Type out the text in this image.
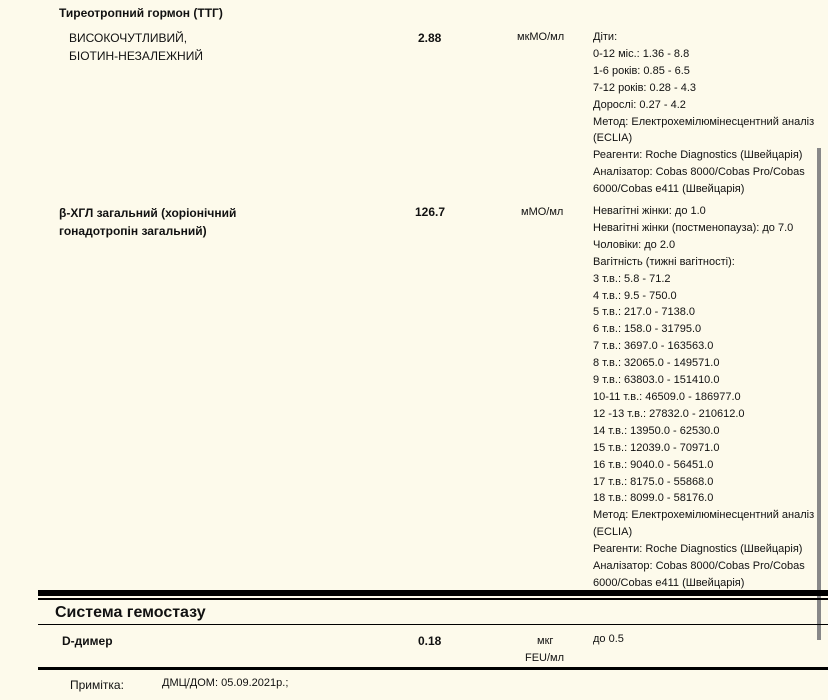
Тиреотропний гормон (ТТГ)
ВИСОКОЧУТЛИВИЙ,
БІОТИН-НЕЗАЛЕЖНИЙ
2.88	мкМО/мл	Діти:
0-12 міс.: 1.36 - 8.8
1-6 років: 0.85 - 6.5
7-12 років: 0.28 - 4.3
Дорослі: 0.27 - 4.2
Метод: Електрохемілюмінесцентний аналіз
(ECLIA)
Реагенти: Roche Diagnostics (Швейцарія)
Аналізатор: Cobas 8000/Cobas Pro/Cobas
6000/Cobas e411 (Швейцарія)
β-ХГЛ загальний (хоріонічний
гонадотропін загальний)
126.7	мМО/мл	Невагітні жінки: до 1.0
Невагітні жінки (постменопауза): до 7.0
Чоловіки: до 2.0
Вагітність (тижні вагітності):
3 т.в.: 5.8 - 71.2
4 т.в.: 9.5 - 750.0
5 т.в.: 217.0 - 7138.0
6 т.в.: 158.0 - 31795.0
7 т.в.: 3697.0 - 163563.0
8 т.в.: 32065.0 - 149571.0
9 т.в.: 63803.0 - 151410.0
10-11 т.в.: 46509.0 - 186977.0
12 -13 т.в.: 27832.0 - 210612.0
14 т.в.: 13950.0 - 62530.0
15 т.в.: 12039.0 - 70971.0
16 т.в.: 9040.0 - 56451.0
17 т.в.: 8175.0 - 55868.0
18 т.в.: 8099.0 - 58176.0
Метод: Електрохемілюмінесцентний аналіз
(ECLIA)
Реагенти: Roche Diagnostics (Швейцарія)
Аналізатор: Cobas 8000/Cobas Pro/Cobas
6000/Cobas e411 (Швейцарія)
Система гемостазу
D-димер	0.18	мкг
FEU/мл
до 0.5
Примітка:	ДМЦ/ДОМ: 05.09.2021р.;
